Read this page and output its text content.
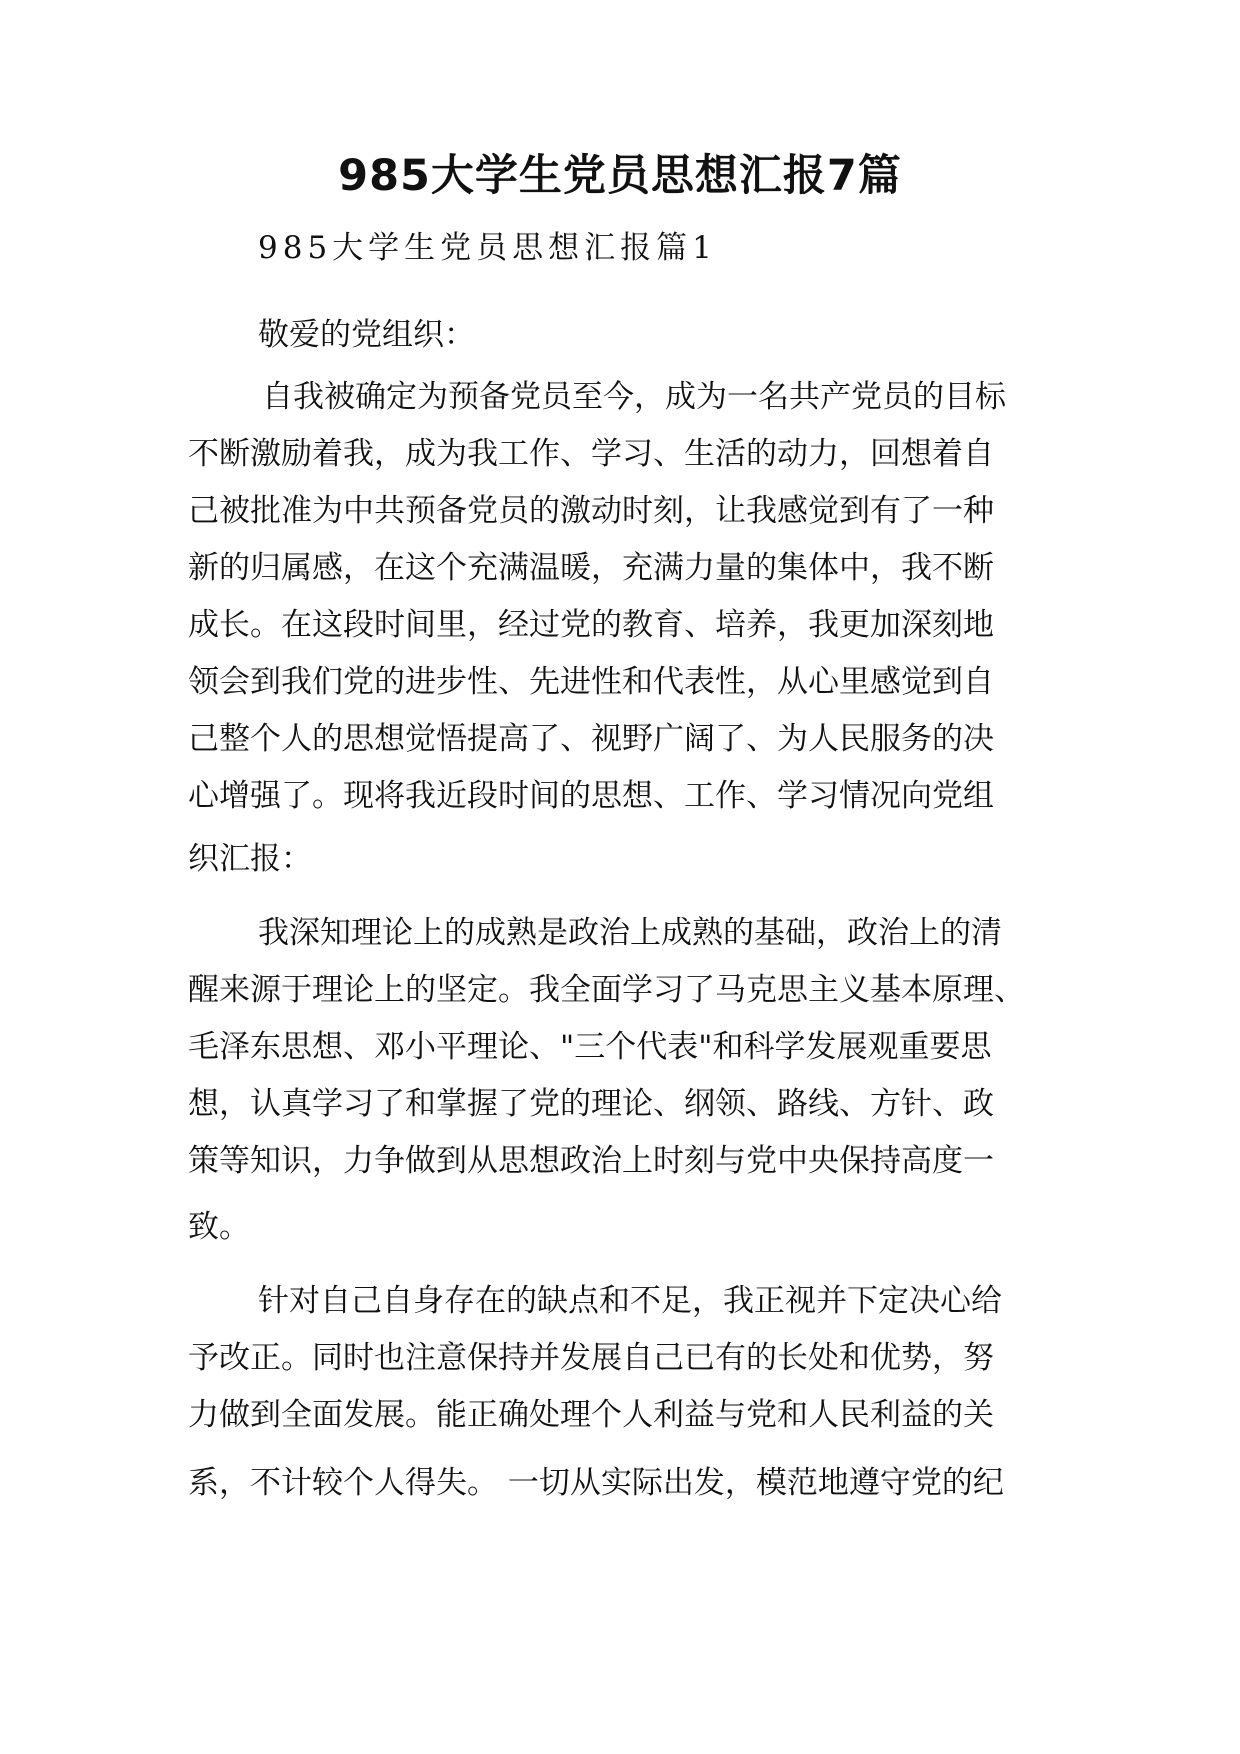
985大学生党员思想汇报7篇

985大学生党员思想汇报篇1

敬爱的党组织：

自我被确定为预备党员至今，成为一名共产党员的目标

不断激励着我，成为我工作、学习、生活的动力，回想着自

己被批准为中共预备党员的激动时刻，让我感觉到有了一种

新的归属感，在这个充满温暖，充满力量的集体中，我不断

成长。在这段时间里，经过党的教育、培养，我更加深刻地

领会到我们党的进步性、先进性和代表性，从心里感觉到自

己整个人的思想觉悟提高了、视野广阔了、为人民服务的决

心增强了。现将我近段时间的思想、工作、学习情况向党组

织汇报：

我深知理论上的成熟是政治上成熟的基础，政治上的清

醒来源于理论上的坚定。我全面学习了马克思主义基本原理、

毛泽东思想、邓小平理论、"三个代表"和科学发展观重要思

想，认真学习了和掌握了党的理论、纲领、路线、方针、政

策等知识，力争做到从思想政治上时刻与党中央保持高度一

致。

针对自己自身存在的缺点和不足，我正视并下定决心给

予改正。同时也注意保持并发展自己已有的长处和优势，努

力做到全面发展。能正确处理个人利益与党和人民利益的关

系，不计较个人得失。 一切从实际出发，模范地遵守党的纪
